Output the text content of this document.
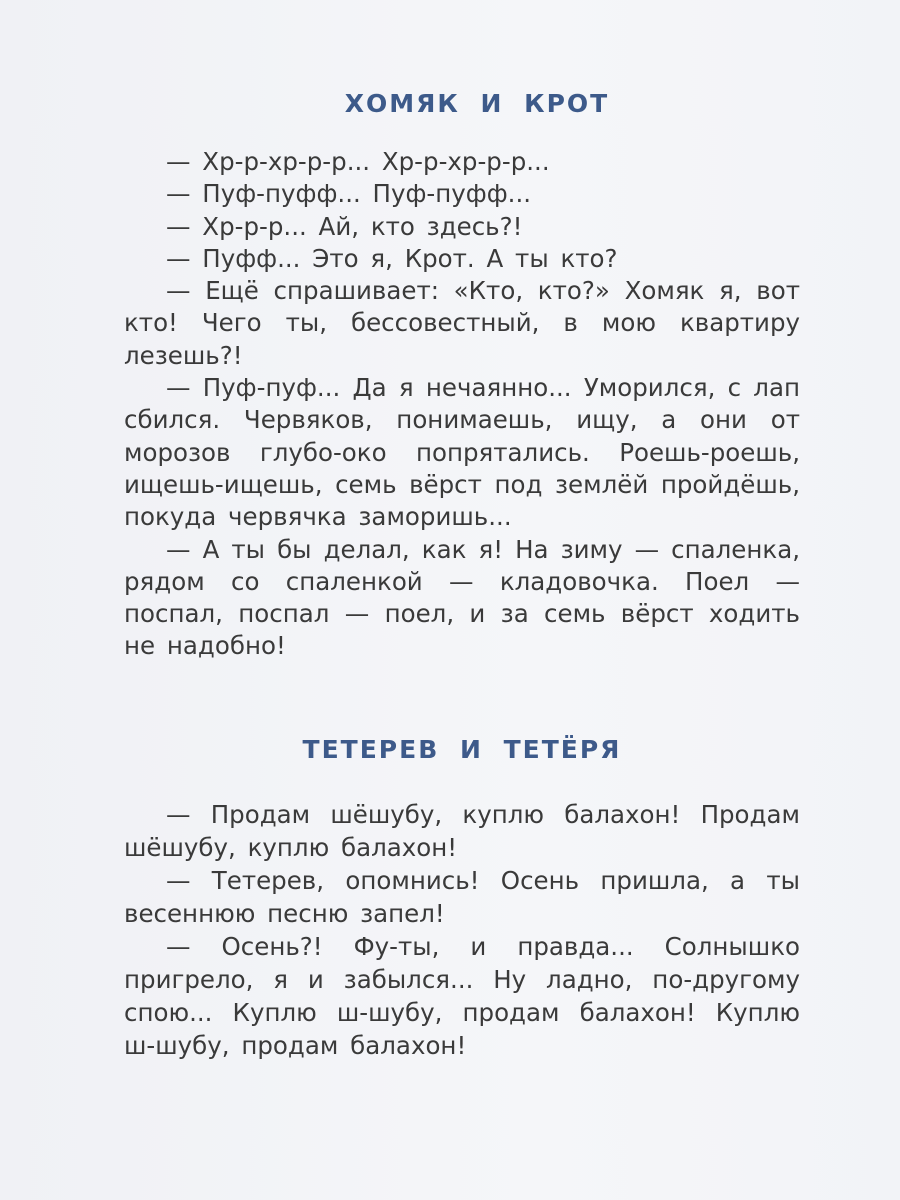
ХОМЯК И КРОТ

— Хр-р-хр-р-р... Хр-р-хр-р-р...

— Пуф-пуфф... Пуф-пуфф...

— Хр-р-р... Ай, кто здесь?!

— Пуфф... Это я, Крот. А ты кто?

— Ещё спрашивает: «Кто, кто?» Хомяк я, вот кто! Чего ты, бессовестный, в мою квартиру лезешь?!

— Пуф-пуф... Да я нечаянно... Уморился, с лап сбился. Червяков, понимаешь, ищу, а они от морозов глубо-око попрятались. Роешь-роешь, ищешь-ищешь, семь вёрст под землёй пройдёшь, покуда червячка заморишь...

— А ты бы делал, как я! На зиму — спаленка, рядом со спаленкой — кладовочка. Поел — поспал, поспал — поел, и за семь вёрст ходить не надобно!

ТЕТЕРЕВ И ТЕТЁРЯ

— Продам шёшубу, куплю балахон! Продам шёшубу, куплю балахон!

— Тетерев, опомнись! Осень пришла, а ты весеннюю песню запел!

— Осень?! Фу-ты, и правда... Солнышко пригрело, я и забылся... Ну ладно, по-другому спою... Куплю ш-шубу, продам балахон! Куплю ш-шубу, продам балахон!
